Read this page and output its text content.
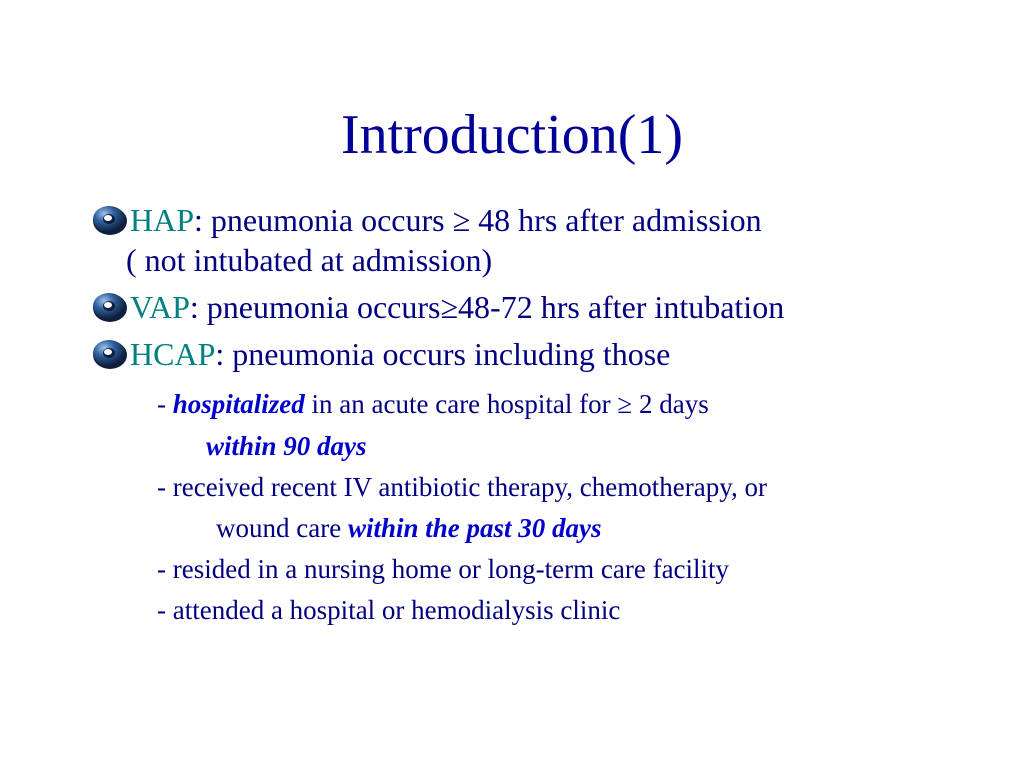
Introduction(1)
HAP: pneumonia occurs ≥ 48 hrs after admission
( not intubated at admission)
VAP: pneumonia occurs≥48-72 hrs after intubation
HCAP: pneumonia occurs including those
- hospitalized in an acute care hospital for ≥ 2 days
within 90 days
- received recent IV antibiotic therapy, chemotherapy, or
wound care within the past 30 days
- resided in a nursing home or long-term care facility
- attended a hospital or hemodialysis clinic
